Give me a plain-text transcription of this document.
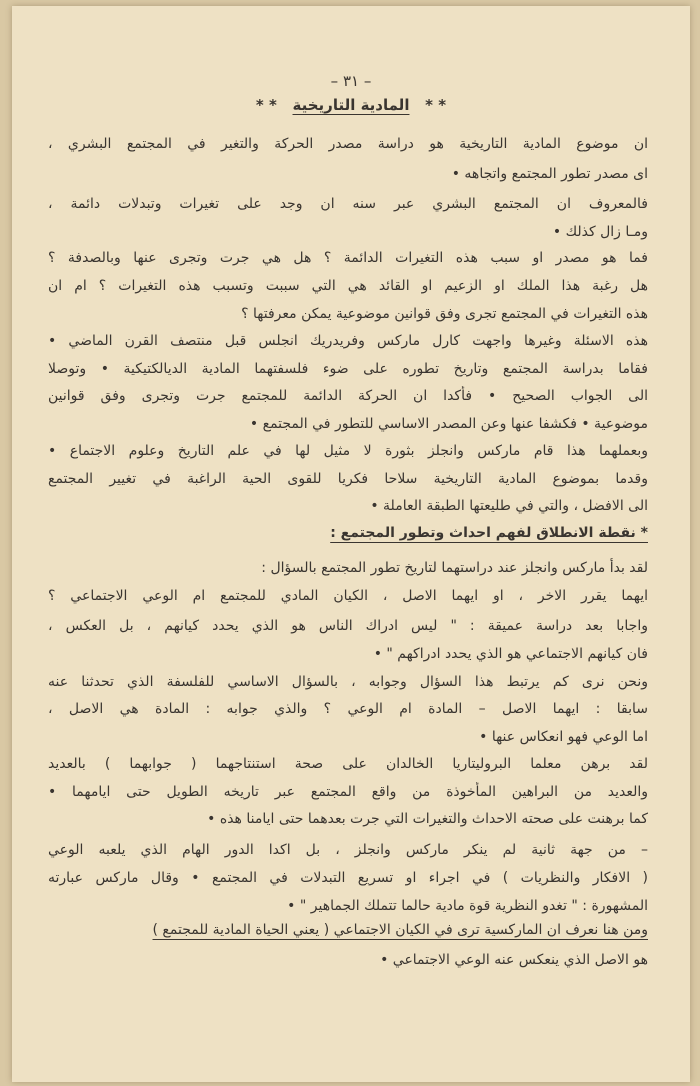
– ٣١ –
* *   المادية التاريخية   * *
ان موضوع المادية التاريخية هو دراسة مصدر الحركة والتغير في المجتمع البشري ،
اى مصدر تطور المجتمع واتجاهه •
فالمعروف ان المجتمع البشري عبر سنه ان وجد على تغيرات وتبدلات دائمة ،
ومـا زال كذلك •
فما هو مصدر او سبب هذه التغيرات الدائمة ؟ هل هي جرت وتجرى عنها وبالصدفة ؟
هل رغبة هذا الملك او الزعيم او القائد هي التي سببت وتسبب هذه التغيرات ؟ ام ان
هذه التغيرات في المجتمع تجرى وفق قوانين موضوعية يمكن معرفتها ؟
هذه الاسئلة وغيرها واجهت كارل ماركس وفريدريك انجلس قبل منتصف القرن الماضي •
فقاما بدراسة المجتمع وتاريخ تطوره على ضوء فلسفتهما المادية الديالكتيكية • وتوصلا
الى الجواب الصحيح • فأكدا ان الحركة الدائمة للمجتمع جرت وتجرى وفق قوانين
موضوعية • فكشفا عنها وعن المصدر الاساسي للتطور في المجتمع •
وبعملهما هذا قام ماركس وانجلز بثورة لا مثيل لها في علم التاريخ وعلوم الاجتماع •
وقدما بموضوع المادية التاريخية سلاحا فكريا للقوى الحية الراغبة في تغيير المجتمع
الى الافضل ، والتي في طليعتها الطبقة العاملة •
* نقطة الانطلاق لفهم احداث وتطور المجتمع :
لقد بدأ ماركس وانجلز عند دراستهما لتاريخ تطور المجتمع بالسؤال :
ايهما يقرر الاخر ، او ايهما الاصل ، الكيان المادي للمجتمع ام الوعي الاجتماعي ؟
واجابا بعد دراسة عميقة : " ليس ادراك الناس هو الذي يحدد كيانهم ، بل العكس ،
فان كيانهم الاجتماعي هو الذي يحدد ادراكهم " •
ونحن نرى كم يرتبط هذا السؤال وجوابه ، بالسؤال الاساسي للفلسفة الذي تحدثنا عنه
سابقا : ايهما الاصل – المادة ام الوعي ؟ والذي جوابه : المادة هي الاصل ،
اما الوعي فهو انعكاس عنها •
لقد برهن معلما البروليتاريا الخالدان على صحة استنتاجهما ( جوابهما ) بالعديد
والعديد من البراهين المأخوذة من واقع المجتمع عبر تاريخه الطويل حتى ايامهما •
كما برهنت على صحته الاحداث والتغيرات التي جرت بعدهما حتى ايامنا هذه •
– من جهة ثانية لم ينكر ماركس وانجلز ، بل اكدا الدور الهام الذي يلعبه الوعي
( الافكار والنظريات ) في اجراء او تسريع التبدلات في المجتمع • وقال ماركس عبارته
المشهورة : " تغدو النظرية قوة مادية حالما تتملك الجماهير " •
ومن هنا نعرف ان الماركسية ترى في الكيان الاجتماعي ( يعني الحياة المادية للمجتمع )
هو الاصل الذي ينعكس عنه الوعي الاجتماعي •
